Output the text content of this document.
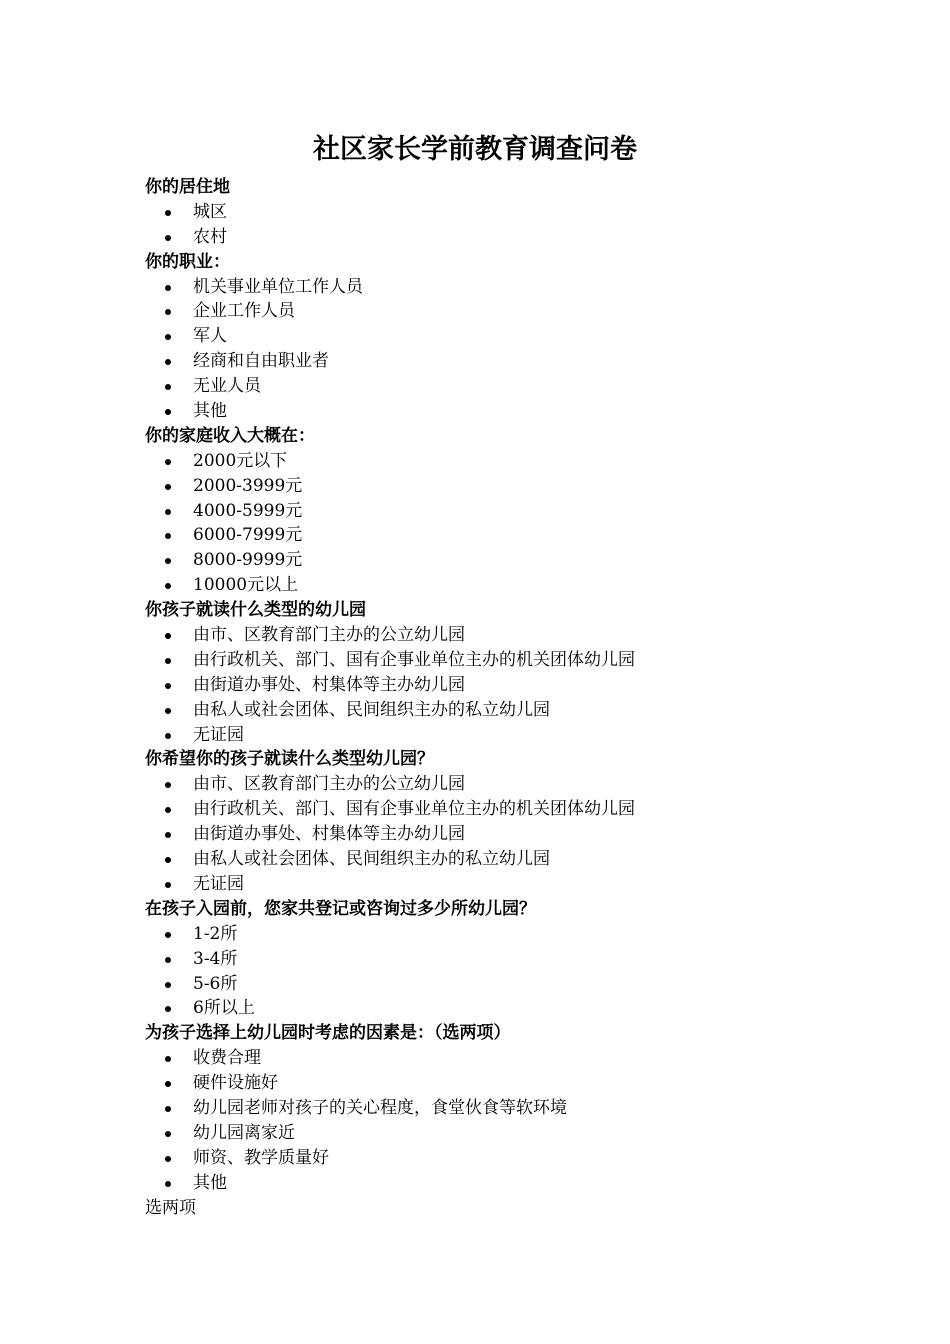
社区家长学前教育调查问卷

你的居住地

城区
农村

你的职业：

机关事业单位工作人员
企业工作人员
军人
经商和自由职业者
无业人员
其他

你的家庭收入大概在：

2000元以下
2000-3999元
4000-5999元
6000-7999元
8000-9999元
10000元以上

你孩子就读什么类型的幼儿园

由市、区教育部门主办的公立幼儿园
由行政机关、部门、国有企事业单位主办的机关团体幼儿园
由街道办事处、村集体等主办幼儿园
由私人或社会团体、民间组织主办的私立幼儿园
无证园

你希望你的孩子就读什么类型幼儿园？

由市、区教育部门主办的公立幼儿园
由行政机关、部门、国有企事业单位主办的机关团体幼儿园
由街道办事处、村集体等主办幼儿园
由私人或社会团体、民间组织主办的私立幼儿园
无证园

在孩子入园前，您家共登记或咨询过多少所幼儿园？

1-2所
3-4所
5-6所
6所以上

为孩子选择上幼儿园时考虑的因素是：（选两项）

收费合理
硬件设施好
幼儿园老师对孩子的关心程度，食堂伙食等软环境
幼儿园离家近
师资、教学质量好
其他

选两项
